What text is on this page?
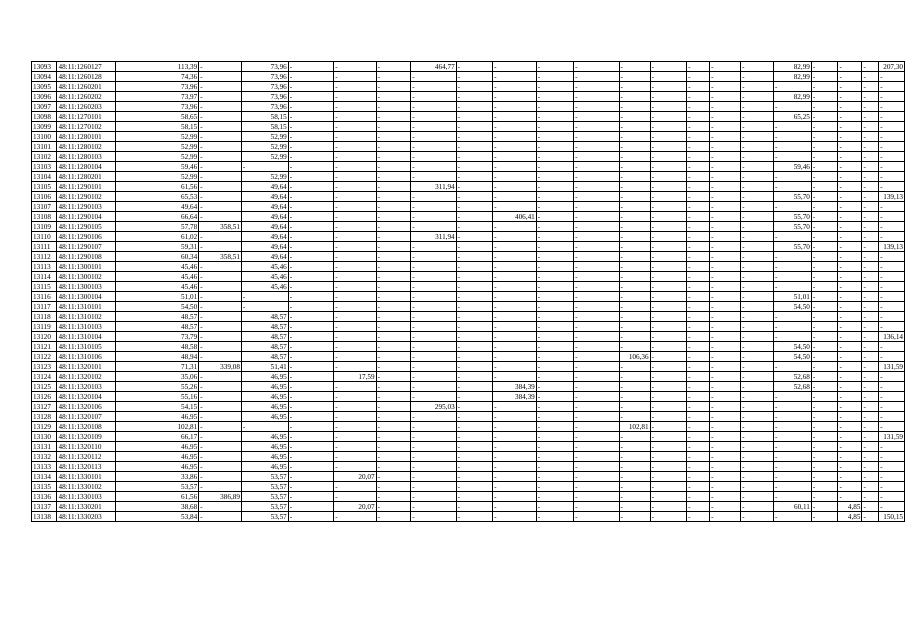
13093	48:11:1260127	113,39	-	73,96	-	-	-	464,77	-	-	-	-	-	-	-	-	-	82,99	-	-	-	207,30
13094	48:11:1260128	74,36	-	73,96	-	-	-	-	-	-	-	-	-	-	-	-	-	82,99	-	-	-	-
13095	48:11:1260201	73,96	-	73,96	-	-	-	-	-	-	-	-	-	-	-	-	-	-	-	-	-	-
13096	48:11:1260202	73,97	-	73,96	-	-	-	-	-	-	-	-	-	-	-	-	-	82,99	-	-	-	-
13097	48:11:1260203	73,96	-	73,96	-	-	-	-	-	-	-	-	-	-	-	-	-	-	-	-	-	-
13098	48:11:1270101	58,65	-	58,15	-	-	-	-	-	-	-	-	-	-	-	-	-	65,25	-	-	-	-
13099	48:11:1270102	58,15	-	58,15	-	-	-	-	-	-	-	-	-	-	-	-	-	-	-	-	-	-
13100	48:11:1280101	52,99	-	52,99	-	-	-	-	-	-	-	-	-	-	-	-	-	-	-	-	-	-
13101	48:11:1280102	52,99	-	52,99	-	-	-	-	-	-	-	-	-	-	-	-	-	-	-	-	-	-
13102	48:11:1280103	52,99	-	52,99	-	-	-	-	-	-	-	-	-	-	-	-	-	-	-	-	-	-
13103	48:11:1280104	59,46	-	-	-	-	-	-	-	-	-	-	-	-	-	-	-	59,46	-	-	-	-
13104	48:11:1280201	52,99	-	52,99	-	-	-	-	-	-	-	-	-	-	-	-	-	-	-	-	-	-
13105	48:11:1290101	61,56	-	49,64	-	-	-	311,94	-	-	-	-	-	-	-	-	-	-	-	-	-	-
13106	48:11:1290102	65,53	-	49,64	-	-	-	-	-	-	-	-	-	-	-	-	-	55,70	-	-	-	139,13
13107	48:11:1290103	49,64	-	49,64	-	-	-	-	-	-	-	-	-	-	-	-	-	-	-	-	-	-
13108	48:11:1290104	66,64	-	49,64	-	-	-	-	-	406,41	-	-	-	-	-	-	-	55,70	-	-	-	-
13109	48:11:1290105	57,78	358,51	49,64	-	-	-	-	-	-	-	-	-	-	-	-	-	55,70	-	-	-	-
13110	48:11:1290106	61,02	-	49,64	-	-	-	311,94	-	-	-	-	-	-	-	-	-	-	-	-	-	-
13111	48:11:1290107	59,31	-	49,64	-	-	-	-	-	-	-	-	-	-	-	-	-	55,70	-	-	-	139,13
13112	48:11:1290108	60,34	358,51	49,64	-	-	-	-	-	-	-	-	-	-	-	-	-	-	-	-	-	-
13113	48:11:1300101	45,46	-	45,46	-	-	-	-	-	-	-	-	-	-	-	-	-	-	-	-	-	-
13114	48:11:1300102	45,46	-	45,46	-	-	-	-	-	-	-	-	-	-	-	-	-	-	-	-	-	-
13115	48:11:1300103	45,46	-	45,46	-	-	-	-	-	-	-	-	-	-	-	-	-	-	-	-	-	-
13116	48:11:1300104	51,01	-	-	-	-	-	-	-	-	-	-	-	-	-	-	-	51,01	-	-	-	-
13117	48:11:1310101	54,50	-	-	-	-	-	-	-	-	-	-	-	-	-	-	-	54,50	-	-	-	-
13118	48:11:1310102	48,57	-	48,57	-	-	-	-	-	-	-	-	-	-	-	-	-	-	-	-	-	-
13119	48:11:1310103	48,57	-	48,57	-	-	-	-	-	-	-	-	-	-	-	-	-	-	-	-	-	-
13120	48:11:1310104	73,79	-	48,57	-	-	-	-	-	-	-	-	-	-	-	-	-	-	-	-	-	136,14
13121	48:11:1310105	48,58	-	48,57	-	-	-	-	-	-	-	-	-	-	-	-	-	54,50	-	-	-	-
13122	48:11:1310106	48,94	-	48,57	-	-	-	-	-	-	-	-	106,36	-	-	-	-	54,50	-	-	-	-
13123	48:11:1320101	71,31	339,08	51,41	-	-	-	-	-	-	-	-	-	-	-	-	-	-	-	-	-	131,59
13124	48:11:1320102	35,06	-	46,95	-	17,59	-	-	-	-	-	-	-	-	-	-	-	52,68	-	-	-	-
13125	48:11:1320103	55,26	-	46,95	-	-	-	-	-	384,39	-	-	-	-	-	-	-	52,68	-	-	-	-
13126	48:11:1320104	55,16	-	46,95	-	-	-	-	-	384,39	-	-	-	-	-	-	-	-	-	-	-	-
13127	48:11:1320106	54,15	-	46,95	-	-	-	295,03	-	-	-	-	-	-	-	-	-	-	-	-	-	-
13128	48:11:1320107	46,95	-	46,95	-	-	-	-	-	-	-	-	-	-	-	-	-	-	-	-	-	-
13129	48:11:1320108	102,81	-	-	-	-	-	-	-	-	-	-	102,81	-	-	-	-	-	-	-	-	-
13130	48:11:1320109	66,17	-	46,95	-	-	-	-	-	-	-	-	-	-	-	-	-	-	-	-	-	131,59
13131	48:11:1320110	46,95	-	46,95	-	-	-	-	-	-	-	-	-	-	-	-	-	-	-	-	-	-
13132	48:11:1320112	46,95	-	46,95	-	-	-	-	-	-	-	-	-	-	-	-	-	-	-	-	-	-
13133	48:11:1320113	46,95	-	46,95	-	-	-	-	-	-	-	-	-	-	-	-	-	-	-	-	-	-
13134	48:11:1330101	33,86	-	53,57	-	20,07	-	-	-	-	-	-	-	-	-	-	-	-	-	-	-	-
13135	48:11:1330102	53,57	-	53,57	-	-	-	-	-	-	-	-	-	-	-	-	-	-	-	-	-	-
13136	48:11:1330103	61,56	386,89	53,57	-	-	-	-	-	-	-	-	-	-	-	-	-	-	-	-	-	-
13137	48:11:1330201	38,68	-	53,57	-	20,07	-	-	-	-	-	-	-	-	-	-	-	60,11	-	4,85	-	-
13138	48:11:1330203	53,84	-	53,57	-	-	-	-	-	-	-	-	-	-	-	-	-	-	-	4,85	-	150,15
